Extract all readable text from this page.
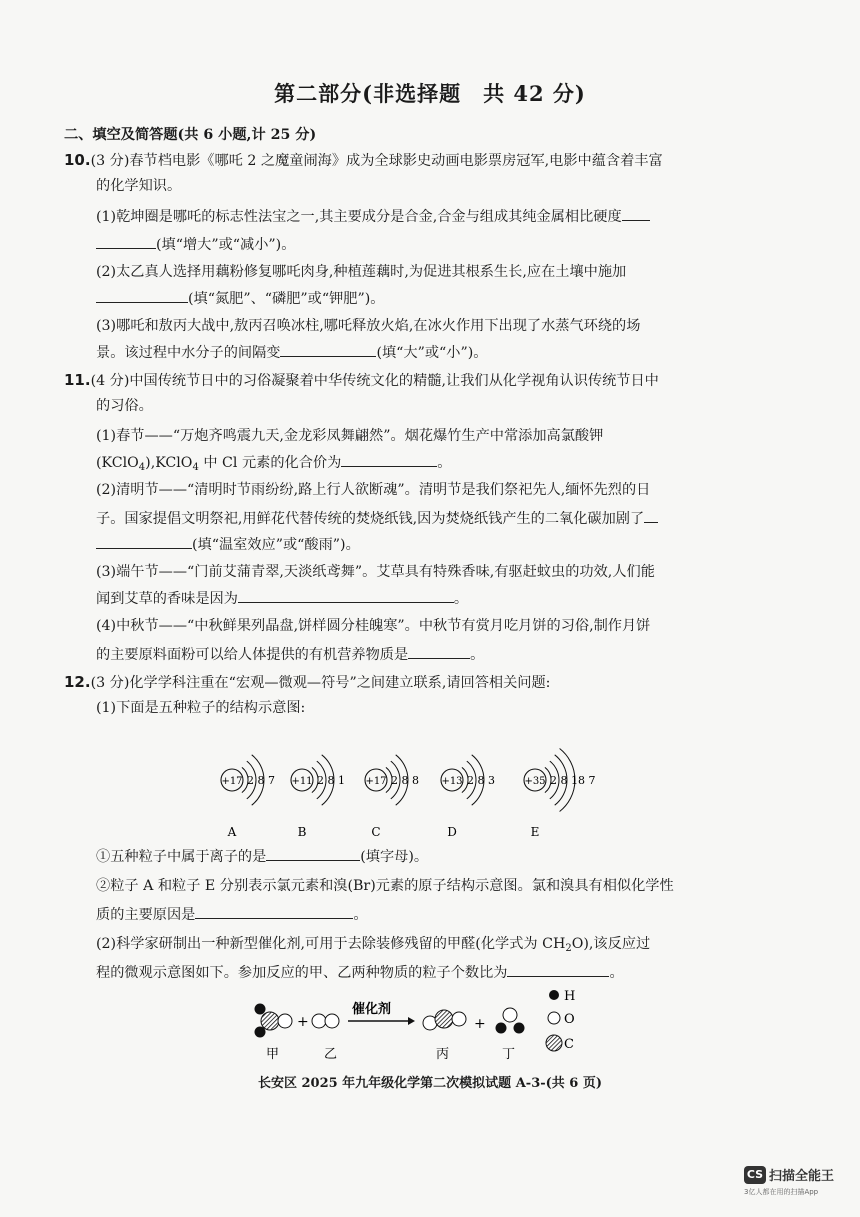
第二部分(非选择题　共 42 分)
二、填空及简答题(共 6 小题,计 25 分)
10.(3 分)春节档电影《哪吒 2 之魔童闹海》成为全球影史动画电影票房冠军,电影中蕴含着丰富
的化学知识。
(1)乾坤圈是哪吒的标志性法宝之一,其主要成分是合金,合金与组成其纯金属相比硬度
(填“增大”或“减小”)。
(2)太乙真人选择用藕粉修复哪吒肉身,种植莲藕时,为促进其根系生长,应在土壤中施加
(填“氮肥”、“磷肥”或“钾肥”)。
(3)哪吒和敖丙大战中,敖丙召唤冰柱,哪吒释放火焰,在冰火作用下出现了水蒸气环绕的场
景。该过程中水分子的间隔变	(填“大”或“小”)。
11.(4 分)中国传统节日中的习俗凝聚着中华传统文化的精髓,让我们从化学视角认识传统节日中
的习俗。
(1)春节——“万炮齐鸣震九天,金龙彩凤舞翩然”。烟花爆竹生产中常添加高氯酸钾
(KClO$_4$),KClO$_4$ 中 Cl 元素的化合价为	。
(2)清明节——“清明时节雨纷纷,路上行人欲断魂”。清明节是我们祭祀先人,缅怀先烈的日
子。国家提倡文明祭祀,用鲜花代替传统的焚烧纸钱,因为焚烧纸钱产生的二氧化碳加剧了
(填“温室效应”或“酸雨”)。
(3)端午节——“门前艾蒲青翠,天淡纸鸢舞”。艾草具有特殊香味,有驱赶蚊虫的功效,人们能
闻到艾草的香味是因为	。
(4)中秋节——“中秋鲜果列晶盘,饼样圆分桂魄寒”。中秋节有赏月吃月饼的习俗,制作月饼
的主要原料面粉可以给人体提供的有机营养物质是	。
12.(3 分)化学学科注重在“宏观—微观—符号”之间建立联系,请回答相关问题:
(1)下面是五种粒子的结构示意图:
+17 2 8 7
A
+11 2 8 1
B
+17 2 8 8
C
+13 2 8 3
D
+35 2 8 18 7
E
①五种粒子中属于离子的是	(填字母)。
②粒子 A 和粒子 E 分别表示氯元素和溴(Br)元素的原子结构示意图。氯和溴具有相似化学性
质的主要原因是	。
(2)科学家研制出一种新型催化剂,可用于去除装修残留的甲醛(化学式为 $CH_2O$),该反应过
程的微观示意图如下。参加反应的甲、乙两种物质的粒子个数比为	。
+
催化剂
+
甲	乙	丙	丁
H
O
C
长安区 2025 年九年级化学第二次模拟试题 A-3-(共 6 页)
CS 扫描全能王
3亿人都在用的扫描App
